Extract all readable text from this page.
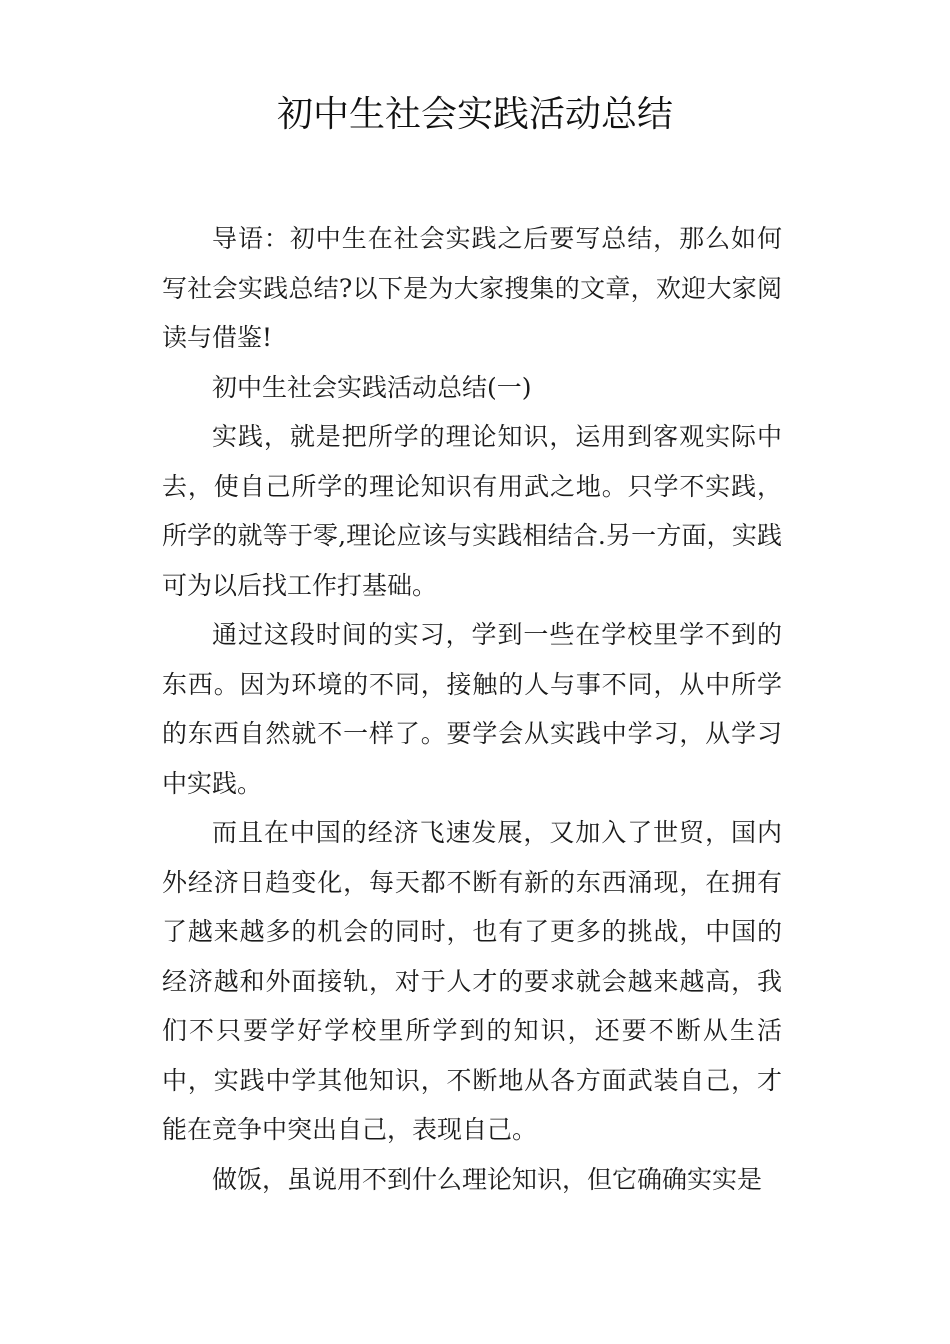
初中生社会实践活动总结

导语：初中生在社会实践之后要写总结，那么如何写社会实践总结?以下是为大家搜集的文章，欢迎大家阅读与借鉴!

初中生社会实践活动总结(一)

实践，就是把所学的理论知识，运用到客观实际中去，使自己所学的理论知识有用武之地。只学不实践，所学的就等于零,理论应该与实践相结合.另一方面，实践可为以后找工作打基础。

通过这段时间的实习，学到一些在学校里学不到的东西。因为环境的不同，接触的人与事不同，从中所学的东西自然就不一样了。要学会从实践中学习，从学习中实践。

而且在中国的经济飞速发展，又加入了世贸，国内外经济日趋变化，每天都不断有新的东西涌现，在拥有了越来越多的机会的同时，也有了更多的挑战，中国的经济越和外面接轨，对于人才的要求就会越来越高，我们不只要学好学校里所学到的知识，还要不断从生活中，实践中学其他知识，不断地从各方面武装自己，才能在竞争中突出自己，表现自己。

做饭，虽说用不到什么理论知识，但它确确实实是
